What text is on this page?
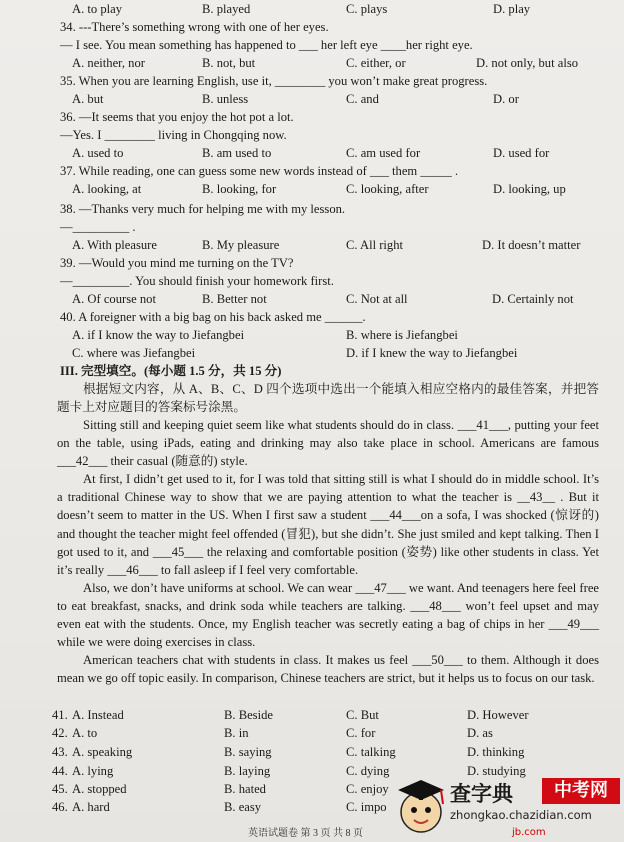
A. to play	B. played	C. plays	D. play
34. ---There’s something wrong with one of her eyes.
— I see. You mean something has happened to ___ her left eye ____her right eye.
A. neither, nor	B. not, but	C. either, or	D. not only, but also
35. When you are learning English, use it, ________ you won’t make great progress.
A. but	B. unless	C. and	D. or
36. —It seems that you enjoy the hot pot a lot.
—Yes. I ________ living in Chongqing now.
A. used to	B. am used to	C. am used for	D. used for
37. While reading, one can guess some new words instead of ___ them _____ .
A. looking, at	B. looking, for	C. looking, after	D. looking, up
38. —Thanks very much for helping me with my lesson.
—_________ .
A. With pleasure	B. My pleasure	C. All right	D. It doesn’t matter
39. —Would you mind me turning on the TV?
—_________. You should finish your homework first.
A. Of course not	B. Better not	C. Not at all	D. Certainly not
40. A foreigner with a big bag on his back asked me ______.
A. if I know the way to Jiefangbei	B. where is Jiefangbei
C. where was Jiefangbei	D. if I knew the way to Jiefangbei
III. 完型填空。(每小题 1.5 分，共 15 分)

根据短文内容，从 A、B、C、D 四个选项中选出一个能填入相应空格内的最佳答案，并把答题卡上对应题目的答案标号涂黑。

Sitting still and keeping quiet seem like what students should do in class. ___41___, putting your feet on the table, using iPads, eating and drinking may also take place in school. Americans are famous ___42___ their casual (随意的) style.

At first, I didn’t get used to it, for I was told that sitting still is what I should do in middle school. It’s a traditional Chinese way to show that we are paying attention to what the teacher is __43__ . But it doesn’t seem to matter in the US. When I first saw a student ___44___on a sofa, I was shocked (惊讶的) and thought the teacher might feel offended (冒犯), but she didn’t. She just smiled and kept talking. Then I got used to it, and ___45___ the relaxing and comfortable position (姿势) like other students in class. Yet it’s really ___46___ to fall asleep if I feel very comfortable.

Also, we don’t have uniforms at school. We can wear ___47___ we want. And teenagers here feel free to eat breakfast, snacks, and drink soda while teachers are talking. ___48___ won’t feel upset and may even eat with the students. Once, my English teacher was secretly eating a bag of chips in her ___49___ while we were doing exercises in class.

American teachers chat with students in class. It makes us feel ___50___ to them. Although it does mean we go off topic easily. In comparison, Chinese teachers are strict, but it helps us to focus on our task.

41. A. Instead	B. Beside	C. But	D. However
42. A. to	B. in	C. for	D. as
43. A. speaking	B. saying	C. talking	D. thinking
44. A. lying	B. laying	C. dying	D. studying
45. A. stopped	B. hated	C. enjoy
46. A. hard	B. easy	C. impo
英语试题卷 第 3 页 共 8 页
查字典	中考网
zhongkao.chazidian.com
jb.com
